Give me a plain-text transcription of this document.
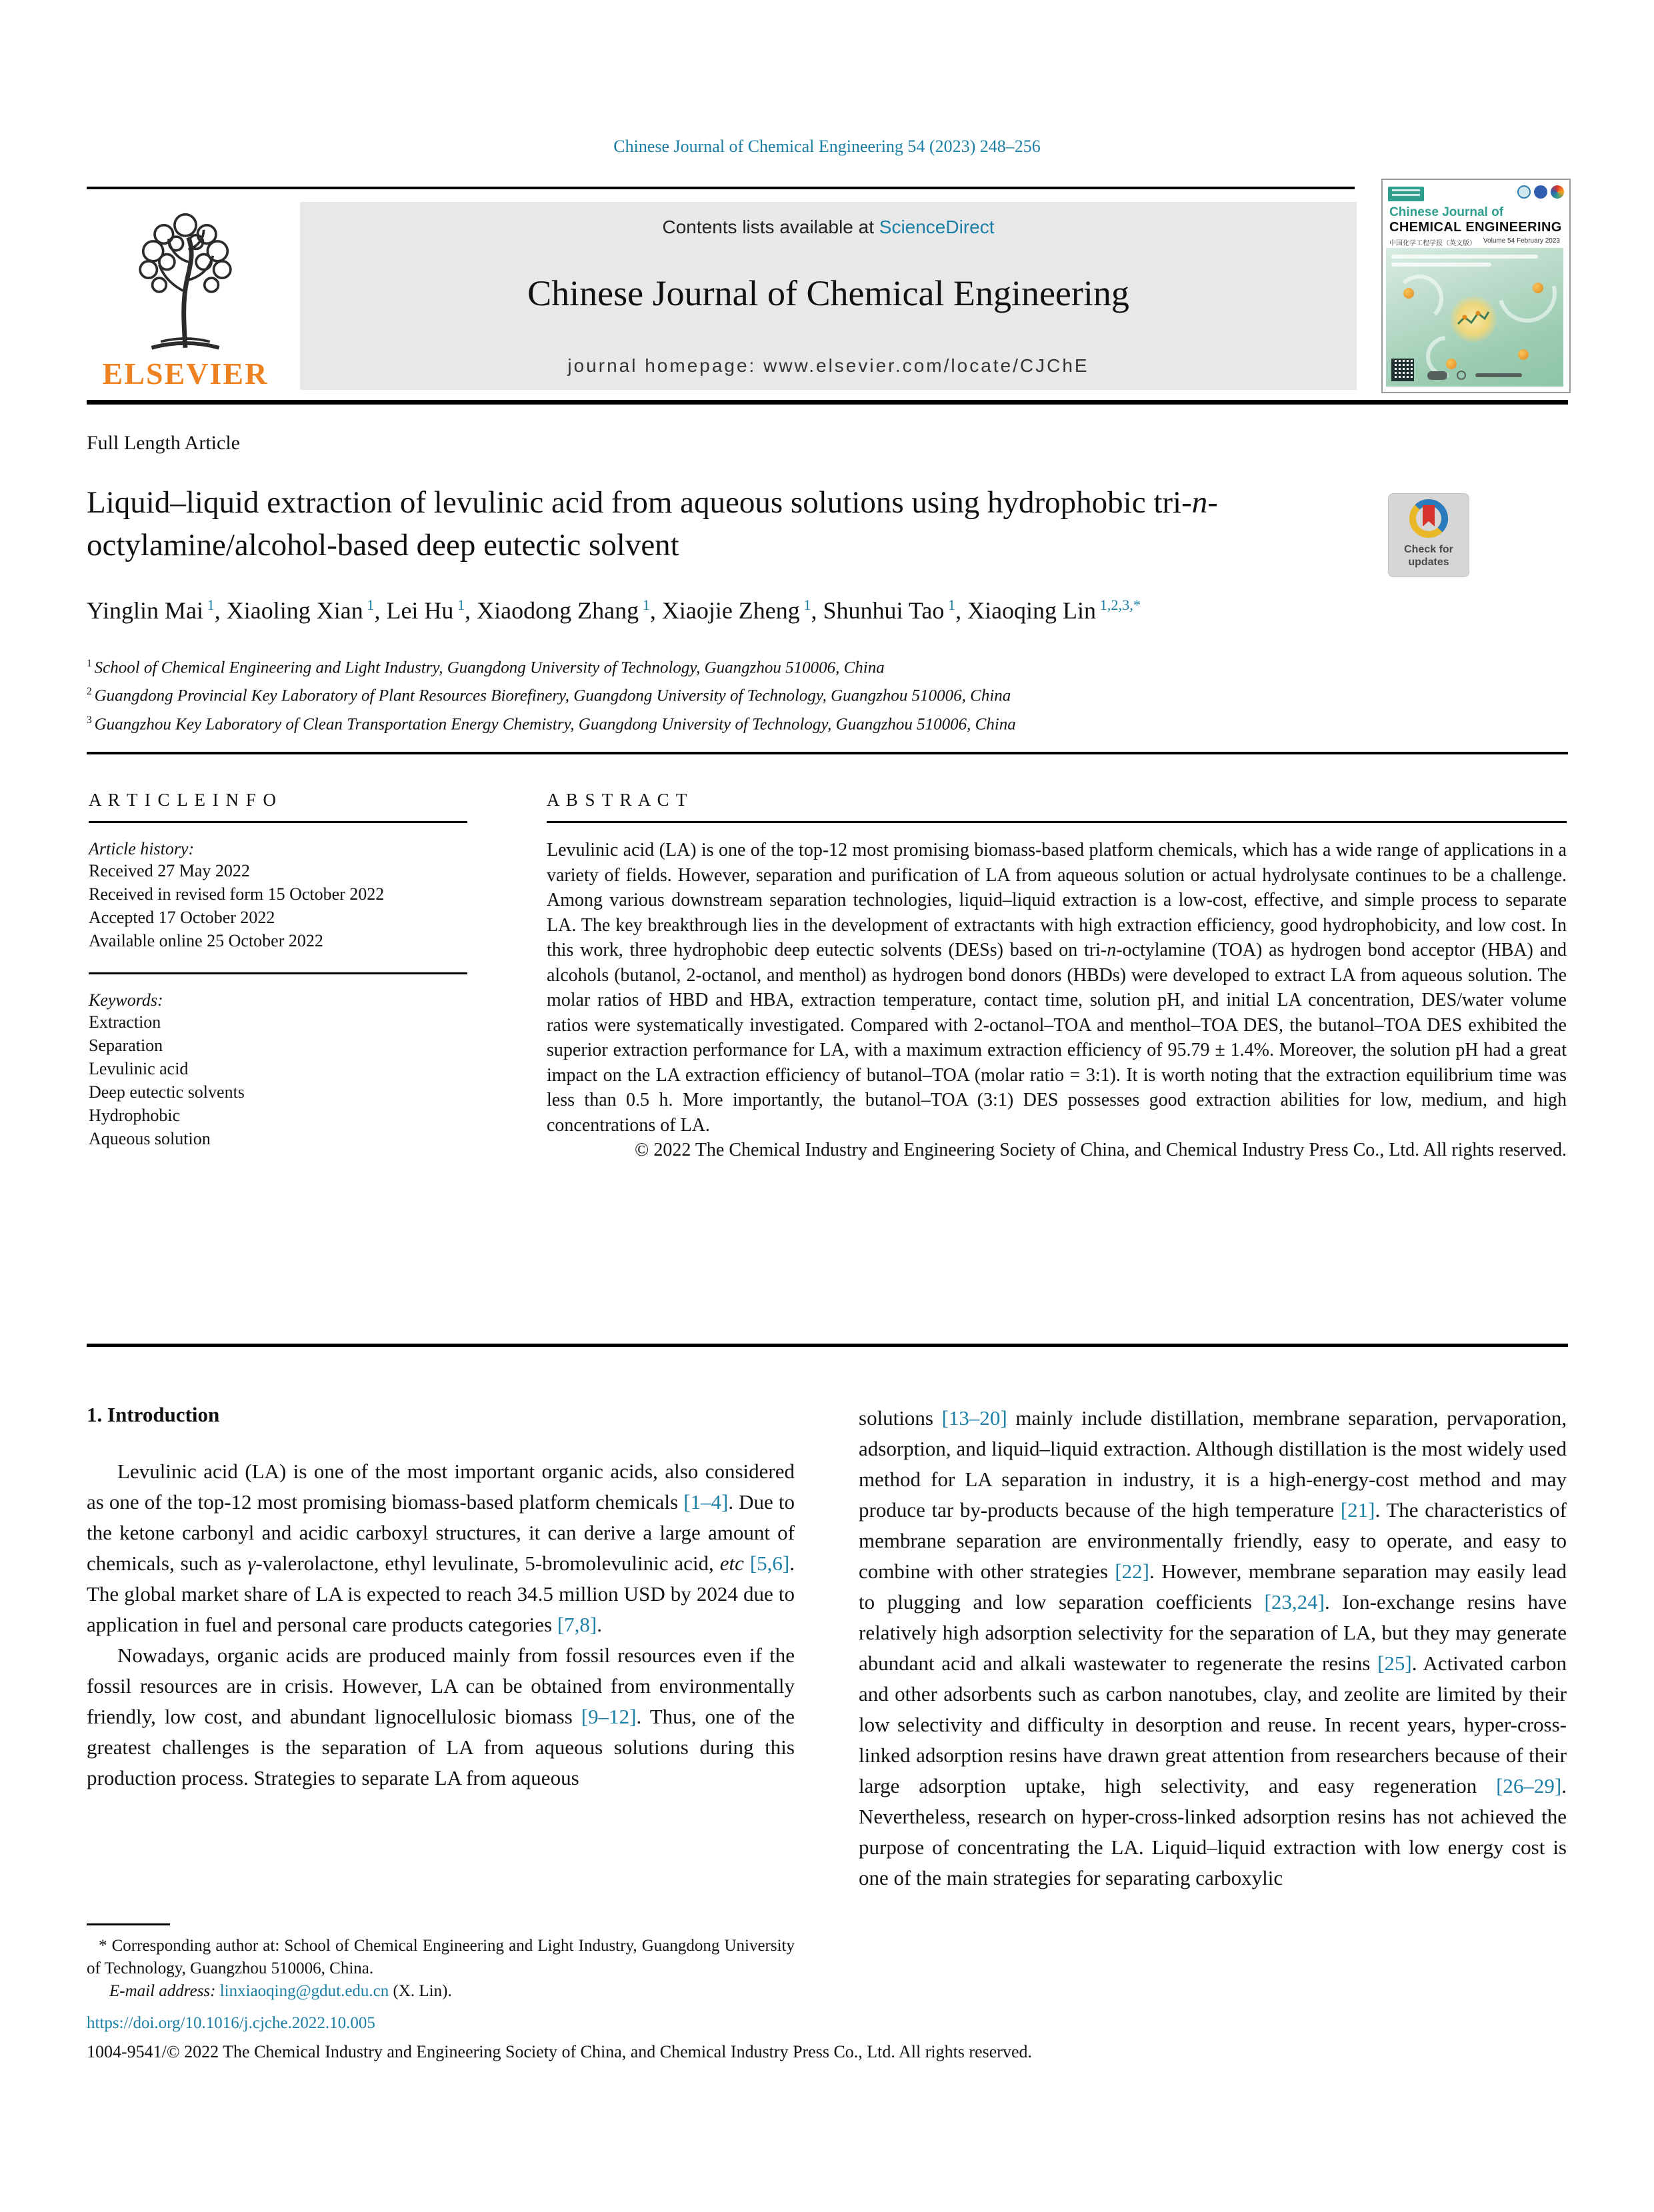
Chinese Journal of Chemical Engineering 54 (2023) 248–256
ELSEVIER
Contents lists available at ScienceDirect
Chinese Journal of Chemical Engineering
journal homepage: www.elsevier.com/locate/CJChE
Chinese Journal of
CHEMICAL ENGINEERING
中国化学工程学报（英文版） Volume 54 February 2023
Full Length Article
Liquid–liquid extraction of levulinic acid from aqueous solutions using hydrophobic tri-n-octylamine/alcohol-based deep eutectic solvent	Check for
updates
Yinglin Mai $^1$, Xiaoling Xian $^1$, Lei Hu $^1$, Xiaodong Zhang $^1$, Xiaojie Zheng $^1$, Shunhui Tao $^1$, Xiaoqing Lin $^{1,2,3,*}$
$^1$ School of Chemical Engineering and Light Industry, Guangdong University of Technology, Guangzhou 510006, China
$^2$ Guangdong Provincial Key Laboratory of Plant Resources Biorefinery, Guangdong University of Technology, Guangzhou 510006, China
$^3$ Guangzhou Key Laboratory of Clean Transportation Energy Chemistry, Guangdong University of Technology, Guangzhou 510006, China
A R T I C L E I N F O
Article history:
Received 27 May 2022
Received in revised form 15 October 2022
Accepted 17 October 2022
Available online 25 October 2022
Keywords:
Extraction
Separation
Levulinic acid
Deep eutectic solvents
Hydrophobic
Aqueous solution
A B S T R A C T
Levulinic acid (LA) is one of the top-12 most promising biomass-based platform chemicals, which has a wide range of applications in a variety of fields. However, separation and purification of LA from aqueous solution or actual hydrolysate continues to be a challenge. Among various downstream separation technologies, liquid–liquid extraction is a low-cost, effective, and simple process to separate LA. The key breakthrough lies in the development of extractants with high extraction efficiency, good hydrophobicity, and low cost. In this work, three hydrophobic deep eutectic solvents (DESs) based on tri-n-octylamine (TOA) as hydrogen bond acceptor (HBA) and alcohols (butanol, 2-octanol, and menthol) as hydrogen bond donors (HBDs) were developed to extract LA from aqueous solution. The molar ratios of HBD and HBA, extraction temperature, contact time, solution pH, and initial LA concentration, DES/water volume ratios were systematically investigated. Compared with 2-octanol–TOA and menthol–TOA DES, the butanol–TOA DES exhibited the superior extraction performance for LA, with a maximum extraction efficiency of 95.79 ± 1.4%. Moreover, the solution pH had a great impact on the LA extraction efficiency of butanol–TOA (molar ratio = 3:1). It is worth noting that the extraction equilibrium time was less than 0.5 h. More importantly, the butanol–TOA (3:1) DES possesses good extraction abilities for low, medium, and high concentrations of LA.
© 2022 The Chemical Industry and Engineering Society of China, and Chemical Industry Press Co., Ltd. All rights reserved.
1. Introduction

Levulinic acid (LA) is one of the most important organic acids, also considered as one of the top-12 most promising biomass-based platform chemicals [1–4]. Due to the ketone carbonyl and acidic carboxyl structures, it can derive a large amount of chemicals, such as γ-valerolactone, ethyl levulinate, 5-bromolevulinic acid, etc [5,6]. The global market share of LA is expected to reach 34.5 million USD by 2024 due to application in fuel and personal care products categories [7,8].

Nowadays, organic acids are produced mainly from fossil resources even if the fossil resources are in crisis. However, LA can be obtained from environmentally friendly, low cost, and abundant lignocellulosic biomass [9–12]. Thus, one of the greatest challenges is the separation of LA from aqueous solutions during this production process. Strategies to separate LA from aqueous

solutions [13–20] mainly include distillation, membrane separation, pervaporation, adsorption, and liquid–liquid extraction. Although distillation is the most widely used method for LA separation in industry, it is a high-energy-cost method and may produce tar by-products because of the high temperature [21]. The characteristics of membrane separation are environmentally friendly, easy to operate, and easy to combine with other strategies [22]. However, membrane separation may easily lead to plugging and low separation coefficients [23,24]. Ion-exchange resins have relatively high adsorption selectivity for the separation of LA, but they may generate abundant acid and alkali wastewater to regenerate the resins [25]. Activated carbon and other adsorbents such as carbon nanotubes, clay, and zeolite are limited by their low selectivity and difficulty in desorption and reuse. In recent years, hyper-cross-linked adsorption resins have drawn great attention from researchers because of their large adsorption uptake, high selectivity, and easy regeneration [26–29]. Nevertheless, research on hyper-cross-linked adsorption resins has not achieved the purpose of concentrating the LA. Liquid–liquid extraction with low energy cost is one of the main strategies for separating carboxylic

* Corresponding author at: School of Chemical Engineering and Light Industry, Guangdong University of Technology, Guangzhou 510006, China.
E-mail address: linxiaoqing@gdut.edu.cn (X. Lin).
https://doi.org/10.1016/j.cjche.2022.10.005
1004-9541/© 2022 The Chemical Industry and Engineering Society of China, and Chemical Industry Press Co., Ltd. All rights reserved.
